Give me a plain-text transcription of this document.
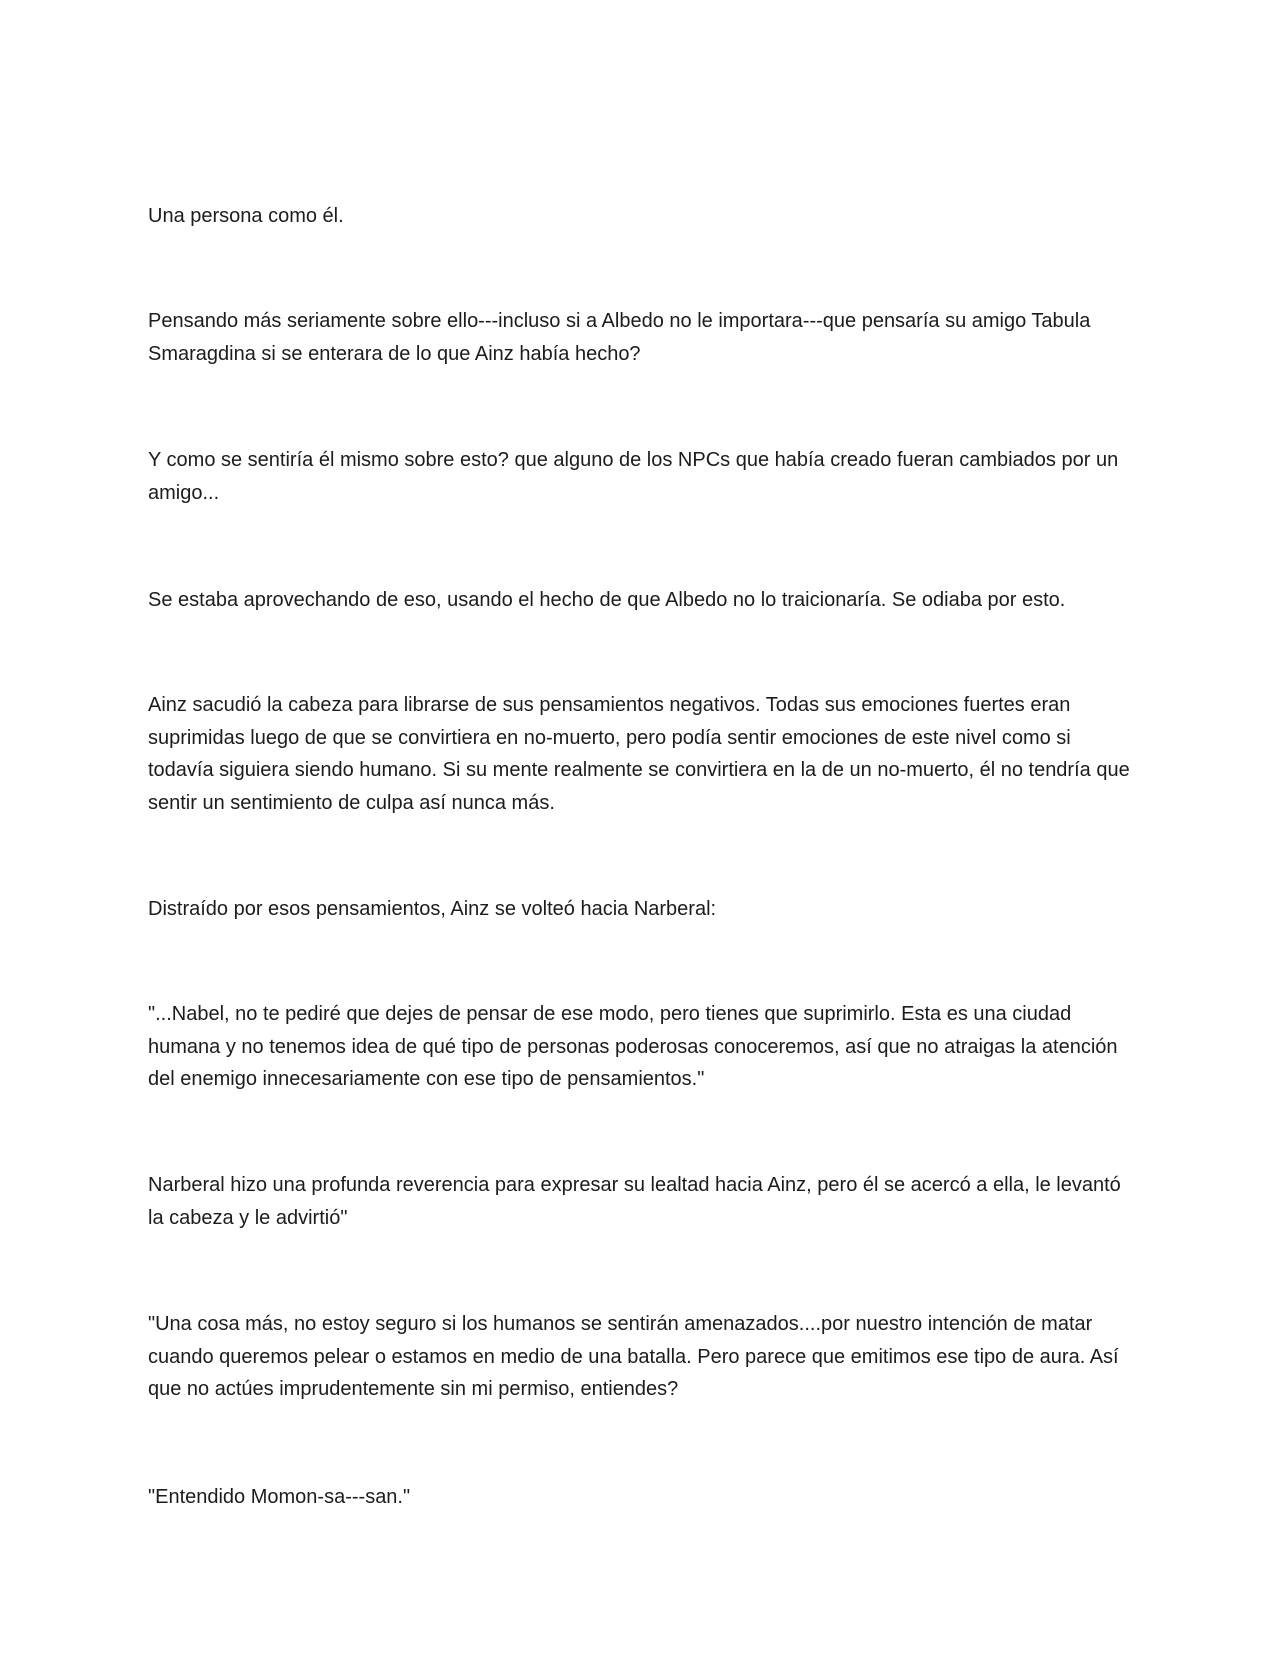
Una persona como él.

Pensando más seriamente sobre ello---incluso si a Albedo no le importara---que pensaría su amigo Tabula Smaragdina si se enterara de lo que Ainz había hecho?

Y como se sentiría él mismo sobre esto? que alguno de los NPCs que había creado fueran cambiados por un amigo...

Se estaba aprovechando de eso, usando el hecho de que Albedo no lo traicionaría. Se odiaba por esto.

Ainz sacudió la cabeza para librarse de sus pensamientos negativos. Todas sus emociones fuertes eran suprimidas luego de que se convirtiera en no-muerto, pero podía sentir emociones de este nivel como si todavía siguiera siendo humano. Si su mente realmente se convirtiera en la de un no-muerto, él no tendría que sentir un sentimiento de culpa así nunca más.

Distraído por esos pensamientos, Ainz se volteó hacia Narberal:

"...Nabel, no te pediré que dejes de pensar de ese modo, pero tienes que suprimirlo. Esta es una ciudad humana y no tenemos idea de qué tipo de personas poderosas conoceremos, así que no atraigas la atención del enemigo innecesariamente con ese tipo de pensamientos."

Narberal hizo una profunda reverencia para expresar su lealtad hacia Ainz, pero él se acercó a ella, le levantó la cabeza y le advirtió"

"Una cosa más, no estoy seguro si los humanos se sentirán amenazados....por nuestro intención de matar cuando queremos pelear o estamos en medio de una batalla. Pero parece que emitimos ese tipo de aura. Así que no actúes imprudentemente sin mi permiso, entiendes?

"Entendido Momon-sa---san."
